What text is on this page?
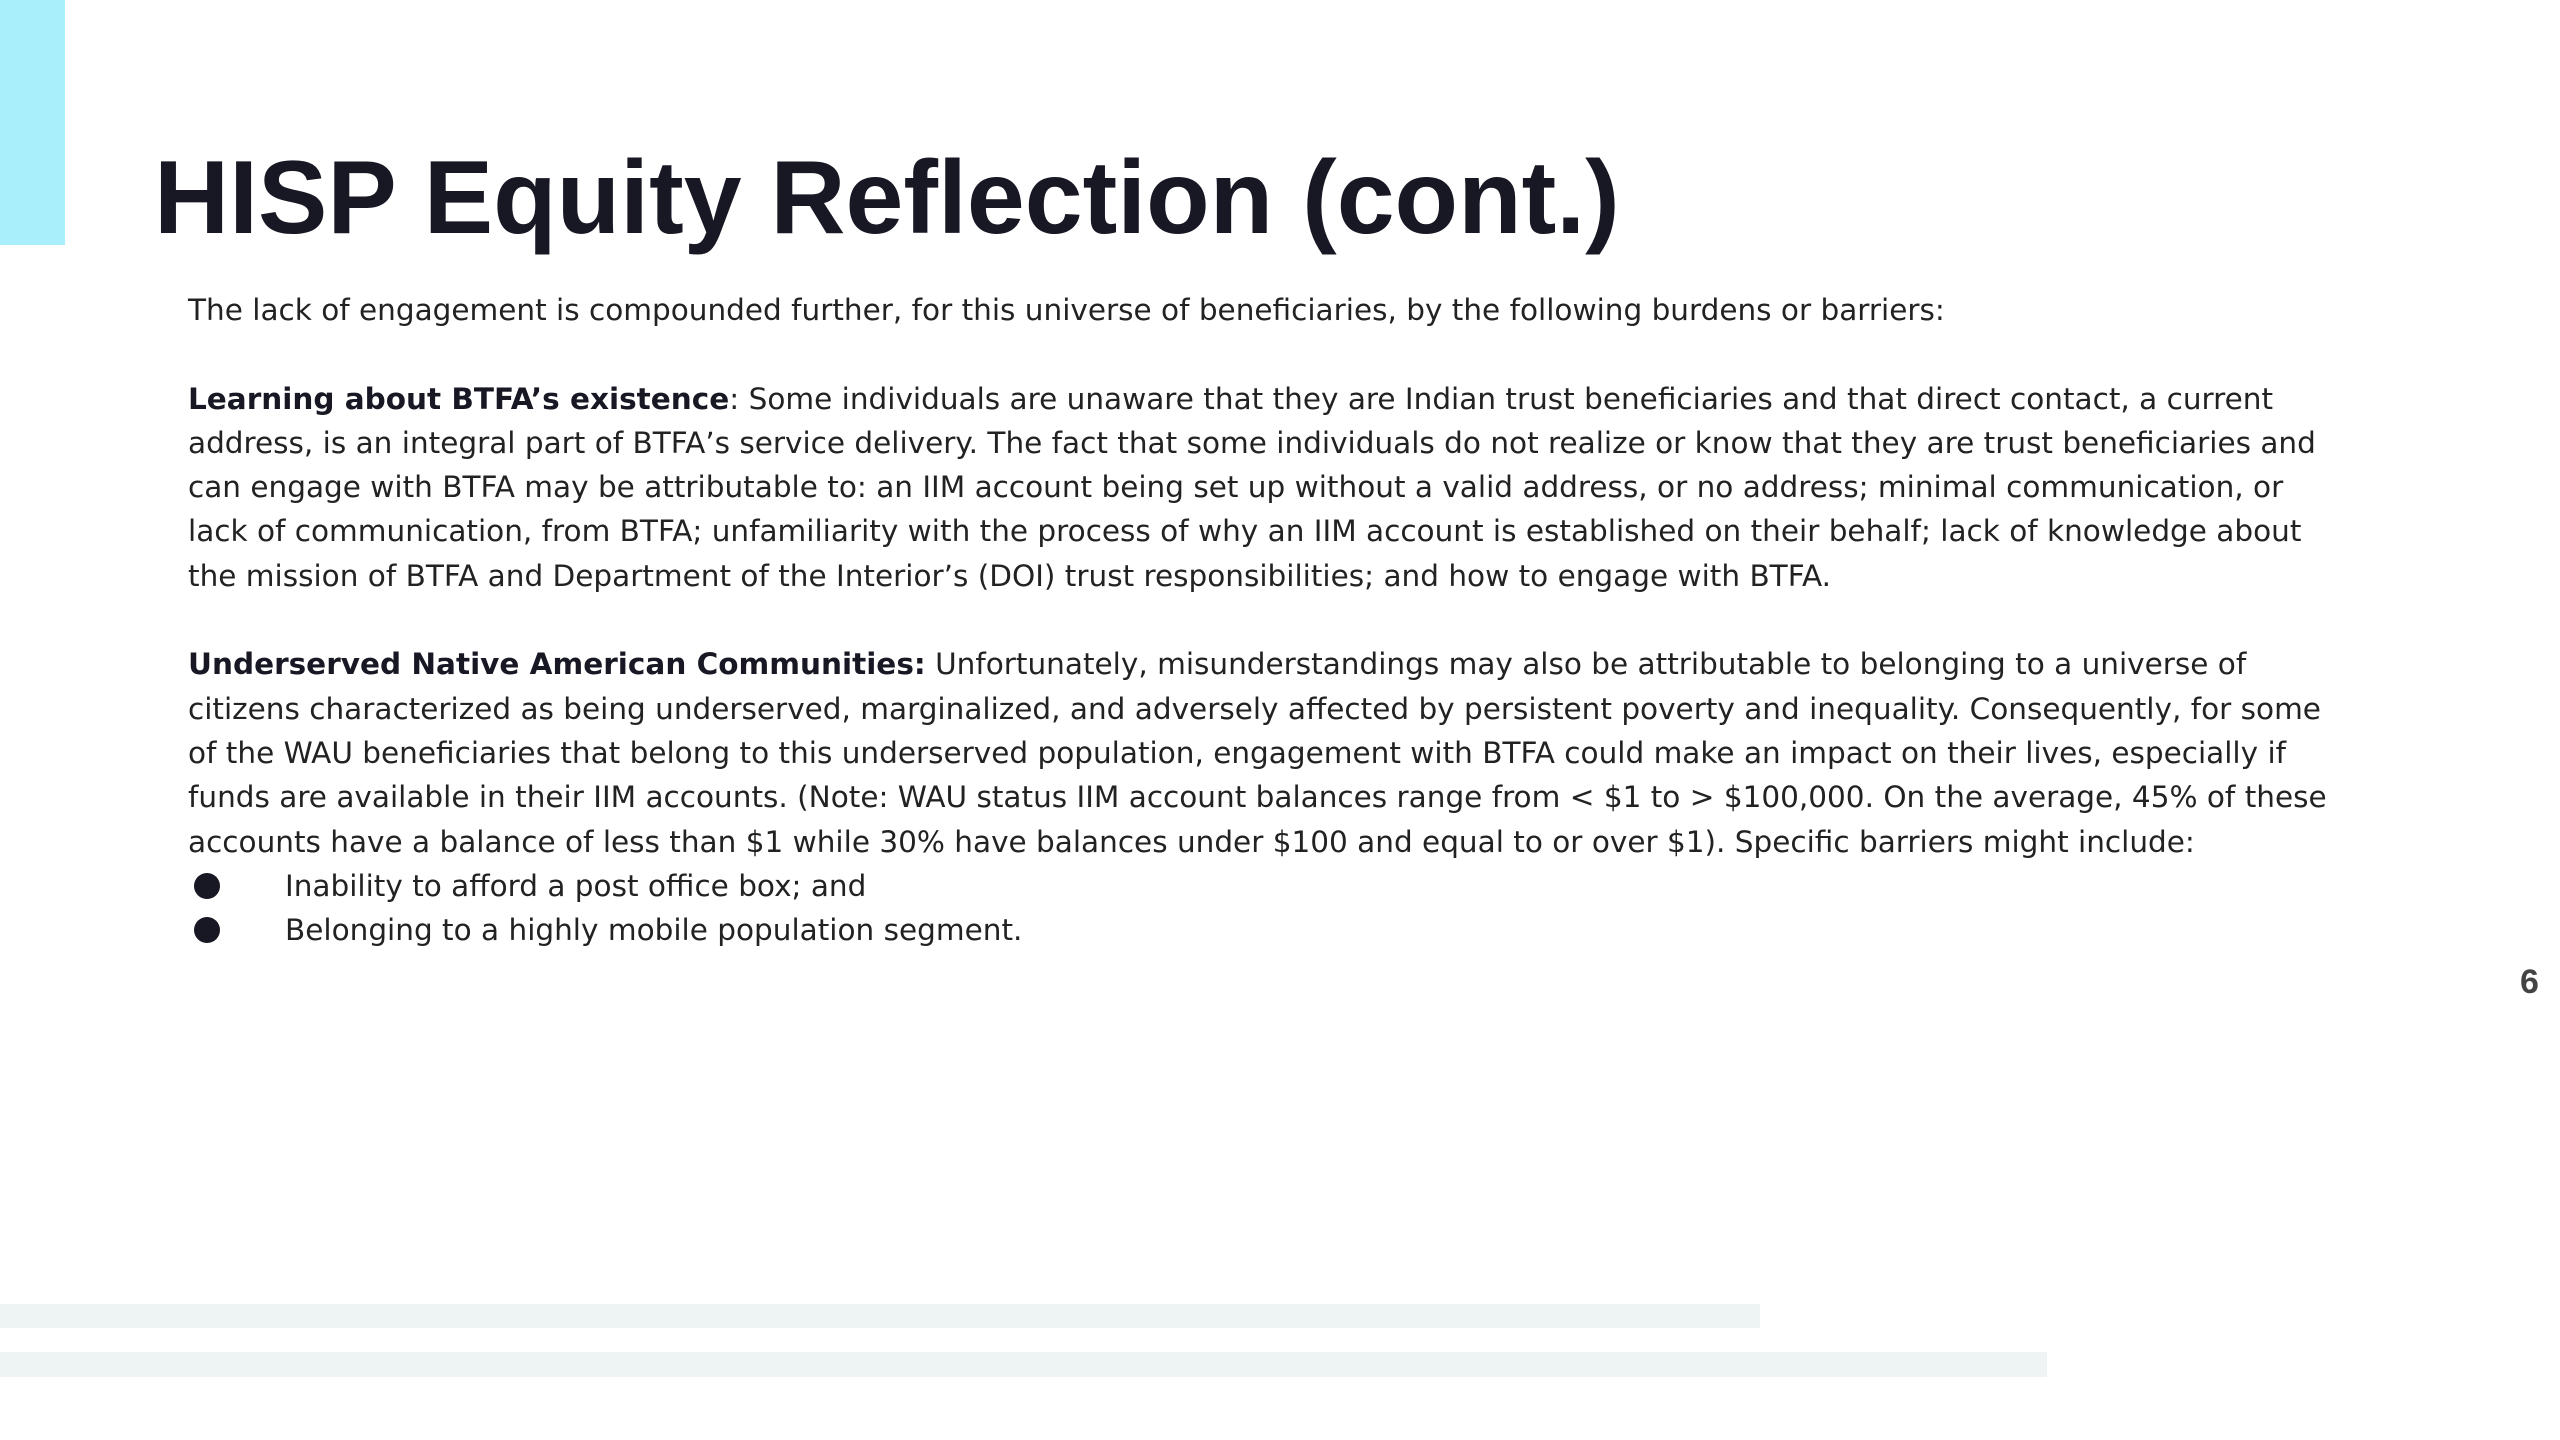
HISP Equity Reflection (cont.)

The lack of engagement is compounded further, for this universe of beneficiaries, by the following burdens or barriers:

Learning about BTFA’s existence: Some individuals are unaware that they are Indian trust beneficiaries and that direct contact, a current address, is an integral part of BTFA’s service delivery. The fact that some individuals do not realize or know that they are trust beneficiaries and can engage with BTFA may be attributable to: an IIM account being set up without a valid address, or no address; minimal communication, or lack of communication, from BTFA; unfamiliarity with the process of why an IIM account is established on their behalf; lack of knowledge about the mission of BTFA and Department of the Interior’s (DOI) trust responsibilities; and how to engage with BTFA.

Underserved Native American Communities: Unfortunately, misunderstandings may also be attributable to belonging to a universe of citizens characterized as being underserved, marginalized, and adversely affected by persistent poverty and inequality. Consequently, for some of the WAU beneficiaries that belong to this underserved population, engagement with BTFA could make an impact on their lives, especially if funds are available in their IIM accounts. (Note: WAU status IIM account balances range from < $1 to > $100,000. On the average, 45% of these accounts have a balance of less than $1 while 30% have balances under $100 and equal to or over $1). Specific barriers might include:

Inability to afford a post office box; and
Belonging to a highly mobile population segment.
6
